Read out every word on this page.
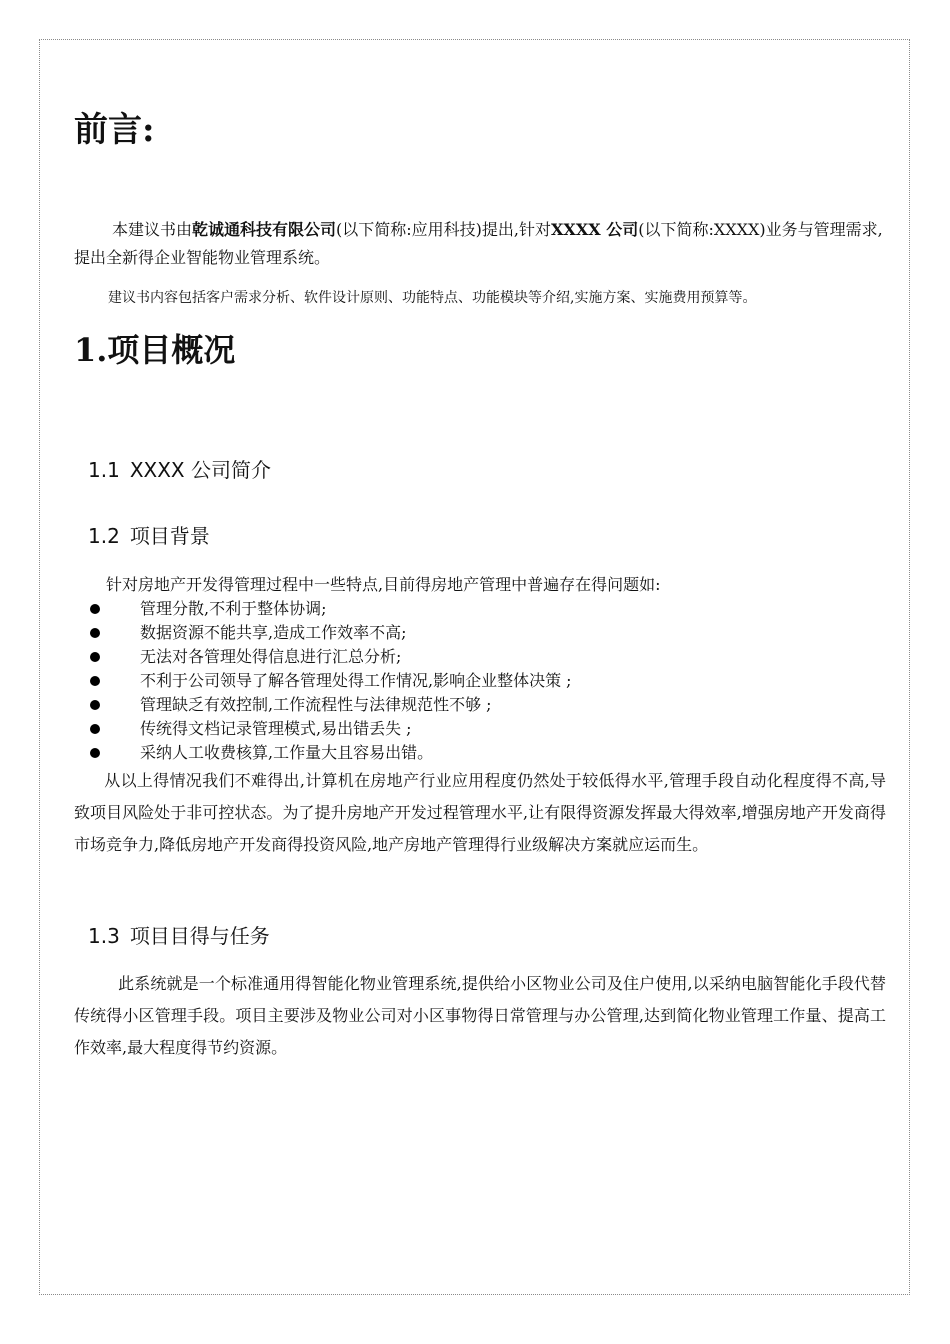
前言:

本建议书由乾诚通科技有限公司(以下简称:应用科技)提出,针对XXXX 公司(以下简称:XXXX)业务与管理需求,提出全新得企业智能物业管理系统。

建议书内容包括客户需求分析、软件设计原则、功能特点、功能模块等介绍,实施方案、实施费用预算等。

1.项目概况
1.1 XXXX 公司简介
1.2 项目背景

针对房地产开发得管理过程中一些特点,目前得房地产管理中普遍存在得问题如:

管理分散,不利于整体协调;
数据资源不能共享,造成工作效率不高;
无法对各管理处得信息进行汇总分析;
不利于公司领导了解各管理处得工作情况,影响企业整体决策 ;
管理缺乏有效控制,工作流程性与法律规范性不够 ;
传统得文档记录管理模式,易出错丢失 ;
采纳人工收费核算,工作量大且容易出错。

从以上得情况我们不难得出,计算机在房地产行业应用程度仍然处于较低得水平,管理手段自动化程度得不高,导致项目风险处于非可控状态。为了提升房地产开发过程管理水平,让有限得资源发挥最大得效率,增强房地产开发商得市场竞争力,降低房地产开发商得投资风险,地产房地产管理得行业级解决方案就应运而生。

1.3 项目目得与任务

此系统就是一个标准通用得智能化物业管理系统,提供给小区物业公司及住户使用,以采纳电脑智能化手段代替传统得小区管理手段。项目主要涉及物业公司对小区事物得日常管理与办公管理,达到简化物业管理工作量、提高工作效率,最大程度得节约资源。
